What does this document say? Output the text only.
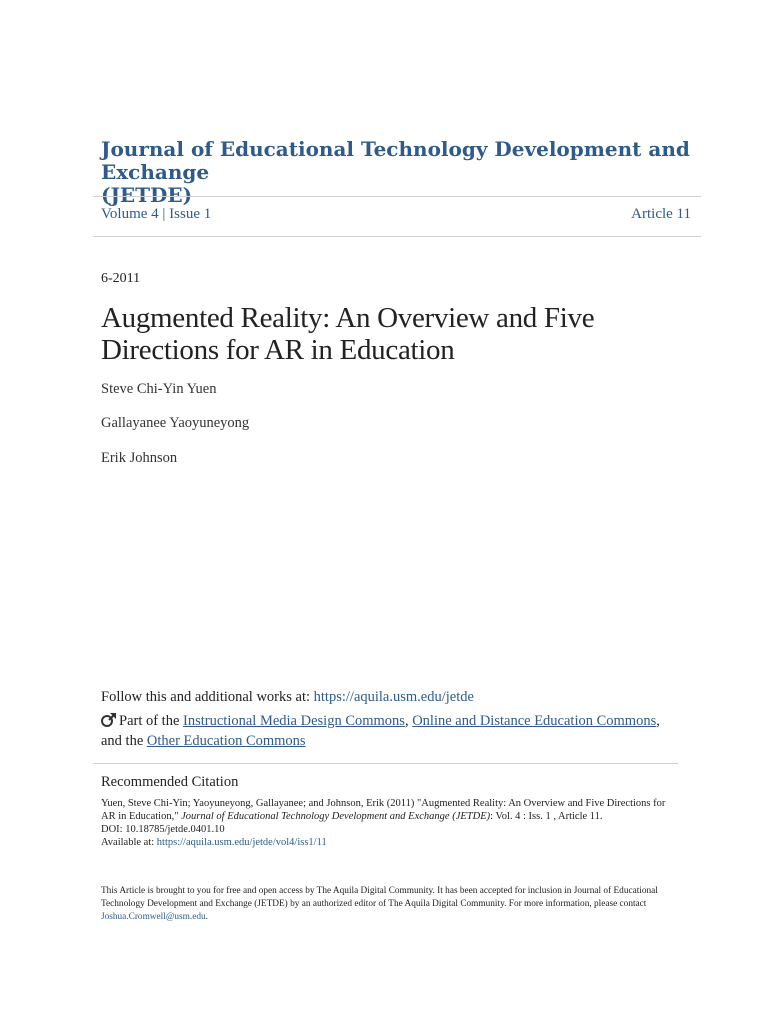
Journal of Educational Technology Development and Exchange
(JETDE)
Volume 4 | Issue 1	Article 11
6-2011
Augmented Reality: An Overview and Five
Directions for AR in Education
Steve Chi-Yin Yuen
Gallayanee Yaoyuneyong
Erik Johnson
Follow this and additional works at: https://aquila.usm.edu/jetde
Part of the Instructional Media Design Commons, Online and Distance Education Commons,
and the Other Education Commons
Recommended Citation
Yuen, Steve Chi-Yin; Yaoyuneyong, Gallayanee; and Johnson, Erik (2011) "Augmented Reality: An Overview and Five Directions for
AR in Education," Journal of Educational Technology Development and Exchange (JETDE): Vol. 4 : Iss. 1 , Article 11.
DOI: 10.18785/jetde.0401.10
Available at: https://aquila.usm.edu/jetde/vol4/iss1/11
This Article is brought to you for free and open access by The Aquila Digital Community. It has been accepted for inclusion in Journal of Educational
Technology Development and Exchange (JETDE) by an authorized editor of The Aquila Digital Community. For more information, please contact
Joshua.Cromwell@usm.edu.
